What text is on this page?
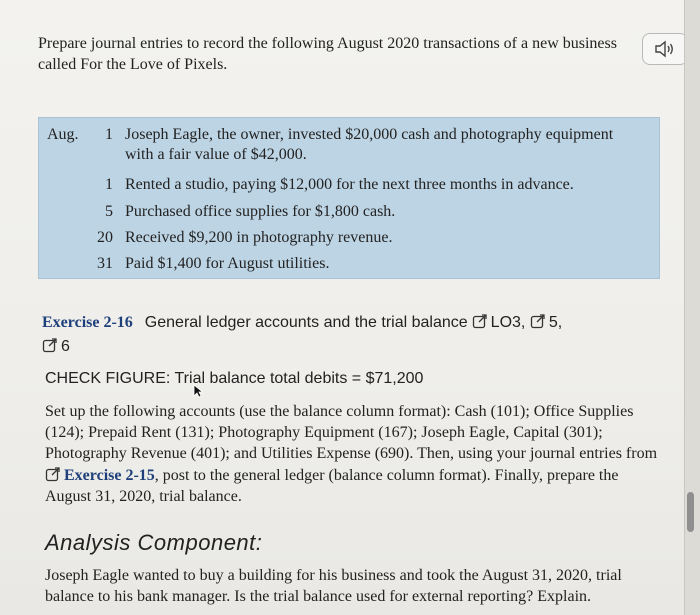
Prepare journal entries to record the following August 2020 transactions of a new business called For the Love of Pixels.
Aug.	1 Joseph Eagle, the owner, invested $20,000 cash and photography equipment
with a fair value of $42,000.
1 Rented a studio, paying $12,000 for the next three months in advance.
5 Purchased office supplies for $1,800 cash.
20 Received $9,200 in photography revenue.
31 Paid $1,400 for August utilities.
Exercise 2-16 General ledger accounts and the trial balance LO3, 5,
6
CHECK FIGURE: Trial balance total debits = $71,200
Set up the following accounts (use the balance column format): Cash (101); Office Supplies (124); Prepaid Rent (131); Photography Equipment (167); Joseph Eagle, Capital (301); Photography Revenue (401); and Utilities Expense (690). Then, using your journal entries from Exercise 2-15, post to the general ledger (balance column format). Finally, prepare the August 31, 2020, trial balance.
Analysis Component:
Joseph Eagle wanted to buy a building for his business and took the August 31, 2020, trial balance to his bank manager. Is the trial balance used for external reporting? Explain.
